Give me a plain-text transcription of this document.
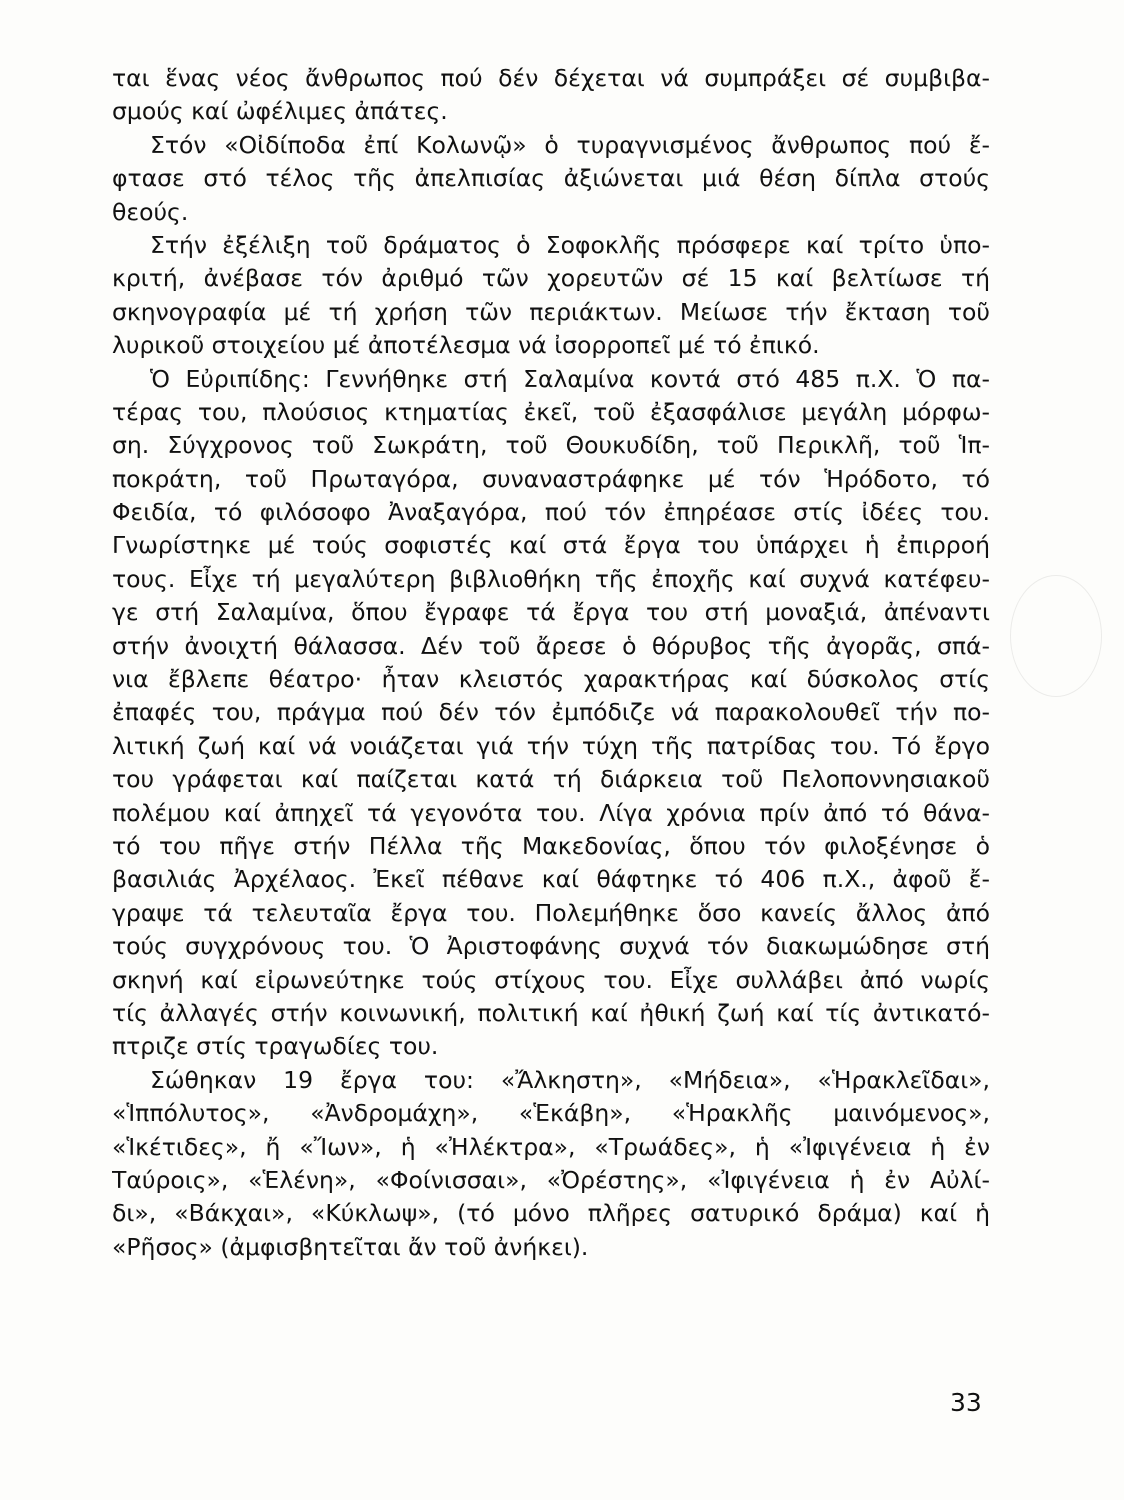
ται ἕνας νέος ἄνθρωπος πού δέν δέχεται νά συμπράξει σέ συμβιβα-
σμούς καί ὠφέλιμες ἀπάτες.
Στόν «Οἰδίποδα ἐπί Κολωνῷ» ὁ τυραγνισμένος ἄνθρωπος πού ἔ-
φτασε στό τέλος τῆς ἀπελπισίας ἀξιώνεται μιά θέση δίπλα στούς
θεούς.
Στήν ἐξέλιξη τοῦ δράματος ὁ Σοφοκλῆς πρόσφερε καί τρίτο ὑπο-
κριτή, ἀνέβασε τόν ἀριθμό τῶν χορευτῶν σέ 15 καί βελτίωσε τή
σκηνογραφία μέ τή χρήση τῶν περιάκτων. Μείωσε τήν ἔκταση τοῦ
λυρικοῦ στοιχείου μέ ἀποτέλεσμα νά ἰσορροπεῖ μέ τό ἐπικό.
Ὁ Εὐριπίδης: Γεννήθηκε στή Σαλαμίνα κοντά στό 485 π.Χ. Ὁ πα-
τέρας του, πλούσιος κτηματίας ἐκεῖ, τοῦ ἐξασφάλισε μεγάλη μόρφω-
ση. Σύγχρονος τοῦ Σωκράτη, τοῦ Θουκυδίδη, τοῦ Περικλῆ, τοῦ Ἱπ-
ποκράτη, τοῦ Πρωταγόρα, συναναστράφηκε μέ τόν Ἡρόδοτο, τό
Φειδία, τό φιλόσοφο Ἀναξαγόρα, πού τόν ἐπηρέασε στίς ἰδέες του.
Γνωρίστηκε μέ τούς σοφιστές καί στά ἔργα του ὑπάρχει ἡ ἐπιρροή
τους. Εἶχε τή μεγαλύτερη βιβλιοθήκη τῆς ἐποχῆς καί συχνά κατέφευ-
γε στή Σαλαμίνα, ὅπου ἔγραφε τά ἔργα του στή μοναξιά, ἀπέναντι
στήν ἀνοιχτή θάλασσα. Δέν τοῦ ἄρεσε ὁ θόρυβος τῆς ἀγορᾶς, σπά-
νια ἔβλεπε θέατρο· ἦταν κλειστός χαρακτήρας καί δύσκολος στίς
ἐπαφές του, πράγμα πού δέν τόν ἐμπόδιζε νά παρακολουθεῖ τήν πο-
λιτική ζωή καί νά νοιάζεται γιά τήν τύχη τῆς πατρίδας του. Τό ἔργο
του γράφεται καί παίζεται κατά τή διάρκεια τοῦ Πελοποννησιακοῦ
πολέμου καί ἀπηχεῖ τά γεγονότα του. Λίγα χρόνια πρίν ἀπό τό θάνα-
τό του πῆγε στήν Πέλλα τῆς Μακεδονίας, ὅπου τόν φιλοξένησε ὁ
βασιλιάς Ἀρχέλαος. Ἐκεῖ πέθανε καί θάφτηκε τό 406 π.Χ., ἀφοῦ ἔ-
γραψε τά τελευταῖα ἔργα του. Πολεμήθηκε ὅσο κανείς ἄλλος ἀπό
τούς συγχρόνους του. Ὁ Ἀριστοφάνης συχνά τόν διακωμώδησε στή
σκηνή καί εἰρωνεύτηκε τούς στίχους του. Εἶχε συλλάβει ἀπό νωρίς
τίς ἀλλαγές στήν κοινωνική, πολιτική καί ἠθική ζωή καί τίς ἀντικατό-
πτριζε στίς τραγωδίες του.
Σώθηκαν 19 ἔργα του: «Ἄλκηστη», «Μήδεια», «Ἡρακλεῖδαι»,
«Ἱππόλυτος», «Ἀνδρομάχη», «Ἑκάβη», «Ἡρακλῆς μαινόμενος»,
«Ἱκέτιδες», ἤ «Ἴων», ἡ «Ἠλέκτρα», «Τρωάδες», ἡ «Ἰφιγένεια ἡ ἐν
Ταύροις», «Ἑλένη», «Φοίνισσαι», «Ὀρέστης», «Ἰφιγένεια ἡ ἐν Αὐλί-
δι», «Βάκχαι», «Κύκλωψ», (τό μόνο πλῆρες σατυρικό δράμα) καί ἡ
«Ρῆσος» (ἀμφισβητεῖται ἄν τοῦ ἀνήκει).
33
